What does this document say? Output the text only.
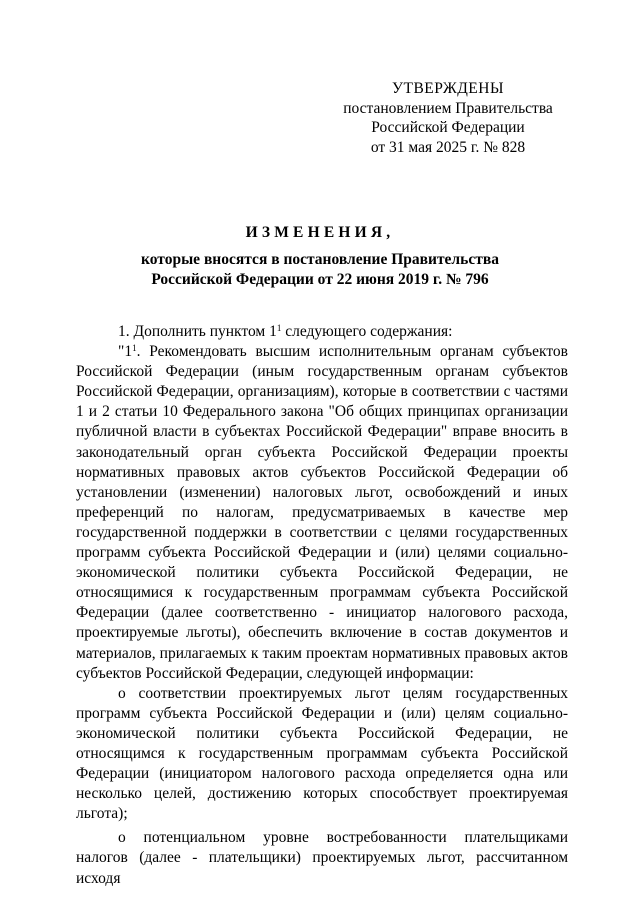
УТВЕРЖДЕНЫ
постановлением Правительства
Российской Федерации
от 31 мая 2025 г. № 828
ИЗМЕНЕНИЯ,
которые вносятся в постановление Правительства
Российской Федерации от 22 июня 2019 г. № 796

1. Дополнить пунктом $1^1$ следующего содержания:

"$1^1$. Рекомендовать высшим исполнительным органам субъектов Российской Федерации (иным государственным органам субъектов Российской Федерации, организациям), которые в соответствии с частями 1 и 2 статьи 10 Федерального закона "Об общих принципах организации публичной власти в субъектах Российской Федерации" вправе вносить в законодательный орган субъекта Российской Федерации проекты нормативных правовых актов субъектов Российской Федерации об установлении (изменении) налоговых льгот, освобождений и иных преференций по налогам, предусматриваемых в качестве мер государственной поддержки в соответствии с целями государственных программ субъекта Российской Федерации и (или) целями социально-экономической политики субъекта Российской Федерации, не относящимися к государственным программам субъекта Российской Федерации (далее соответственно - инициатор налогового расхода, проектируемые льготы), обеспечить включение в состав документов и материалов, прилагаемых к таким проектам нормативных правовых актов субъектов Российской Федерации, следующей информации:

о соответствии проектируемых льгот целям государственных программ субъекта Российской Федерации и (или) целям социально-экономической политики субъекта Российской Федерации, не относящимся к государственным программам субъекта Российской Федерации (инициатором налогового расхода определяется одна или несколько целей, достижению которых способствует проектируемая льгота);

о потенциальном уровне востребованности плательщиками налогов (далее - плательщики) проектируемых льгот, рассчитанном исходя
